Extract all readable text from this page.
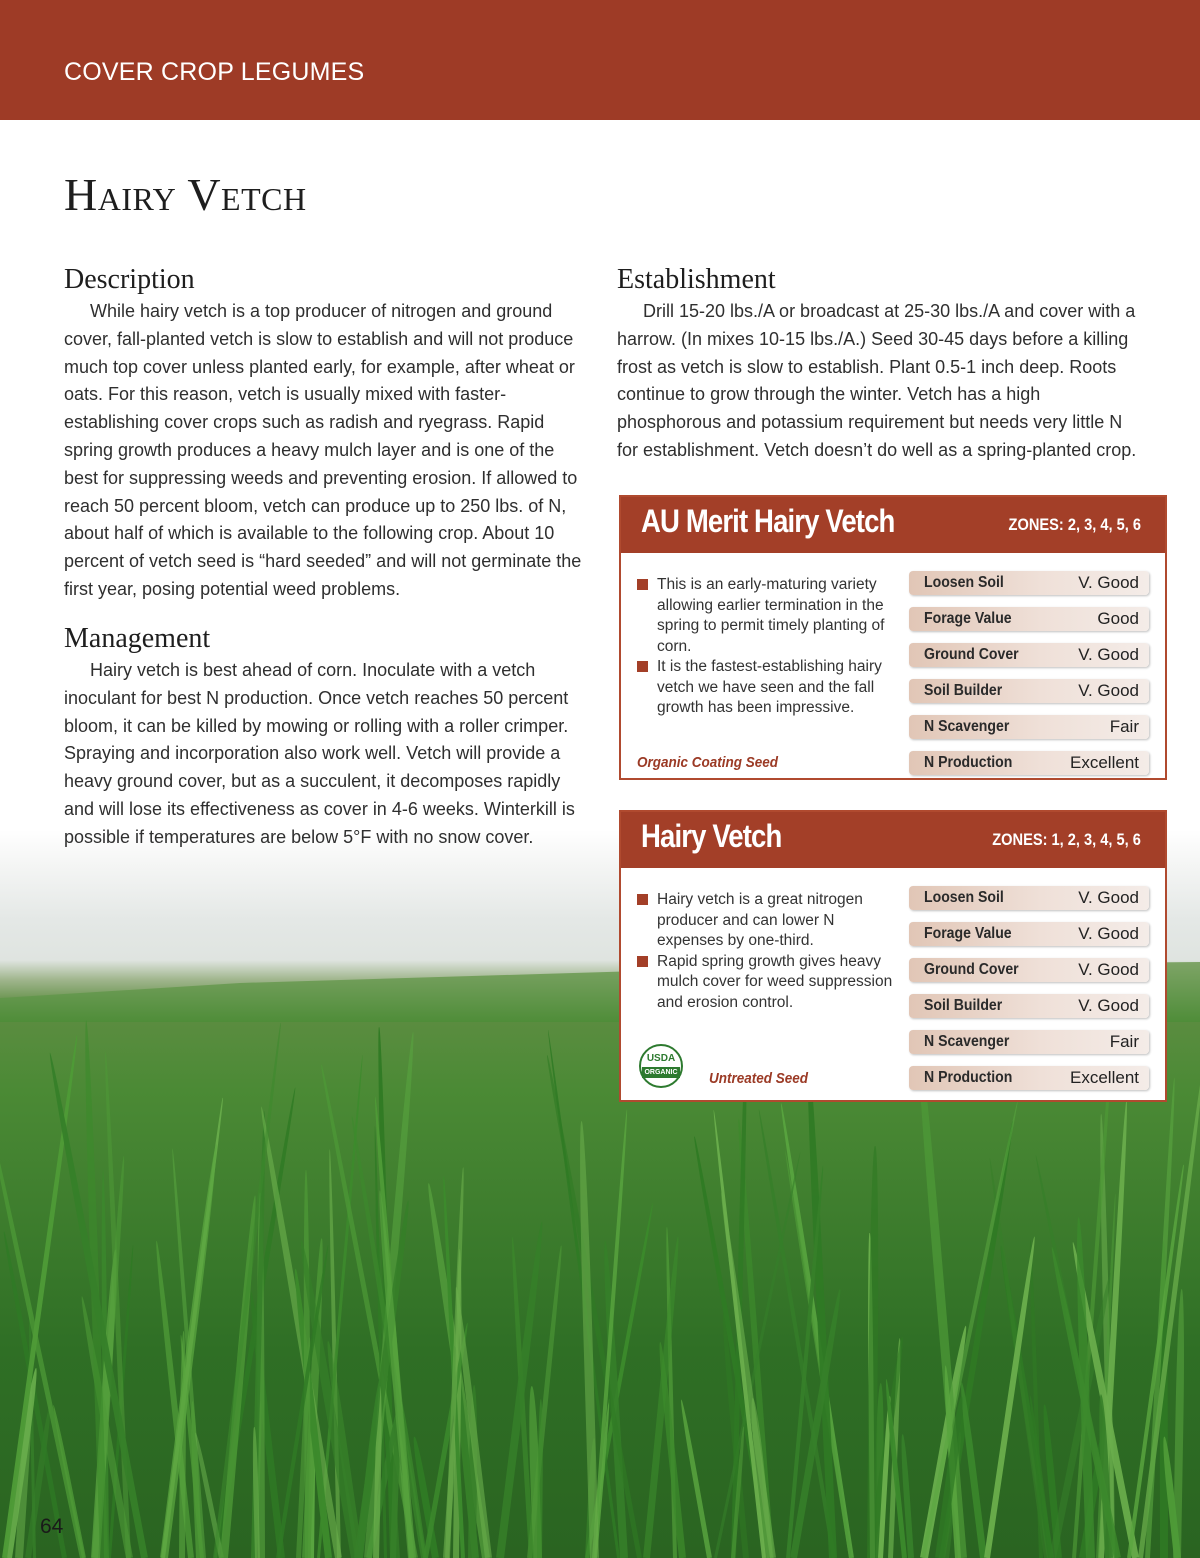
COVER CROP LEGUMES
Hairy Vetch
Description

While hairy vetch is a top producer of nitrogen and ground cover, fall-planted vetch is slow to establish and will not produce much top cover unless planted early, for example, after wheat or oats. For this reason, vetch is usually mixed with faster-establishing cover crops such as radish and ryegrass. Rapid spring growth produces a heavy mulch layer and is one of the best for suppressing weeds and preventing erosion. If allowed to reach 50 percent bloom, vetch can produce up to 250 lbs. of N, about half of which is available to the following crop. About 10 percent of vetch seed is “hard seeded” and will not germinate the first year, posing potential weed problems.

Management

Hairy vetch is best ahead of corn. Inoculate with a vetch inoculant for best N production. Once vetch reaches 50 percent bloom, it can be killed by mowing or rolling with a roller crimper. Spraying and incorporation also work well. Vetch will provide a heavy ground cover, but as a succulent, it decomposes rapidly and will lose its effectiveness as cover in 4-6 weeks. Winterkill is possible if temperatures are below 5°F with no snow cover.

Establishment

Drill 15-20 lbs./A or broadcast at 25-30 lbs./A and cover with a harrow. (In mixes 10-15 lbs./A.) Seed 30-45 days before a killing frost as vetch is slow to establish. Plant 0.5-1 inch deep. Roots continue to grow through the winter. Vetch has a high phosphorous and potassium requirement but needs very little N for establishment. Vetch doesn’t do well as a spring-planted crop.

AU Merit Hairy Vetch	ZONES: 2, 3, 4, 5, 6
This is an early-maturing variety allowing earlier termination in the spring to permit timely planting of corn.
It is the fastest-establishing hairy vetch we have seen and the fall growth has been impressive.
Loosen Soil	V. Good
Forage Value	Good
Ground Cover	V. Good
Soil Builder	V. Good
N Scavenger	Fair
N Production	Excellent
Organic Coating Seed
Hairy Vetch	ZONES: 1, 2, 3, 4, 5, 6
Hairy vetch is a great nitrogen producer and can lower N expenses by one-third.
Rapid spring growth gives heavy mulch cover for weed suppression and erosion control.
Loosen Soil	V. Good
Forage Value	V. Good
Ground Cover	V. Good
Soil Builder	V. Good
N Scavenger	Fair
N Production	Excellent
USDA
ORGANIC Untreated Seed
64
